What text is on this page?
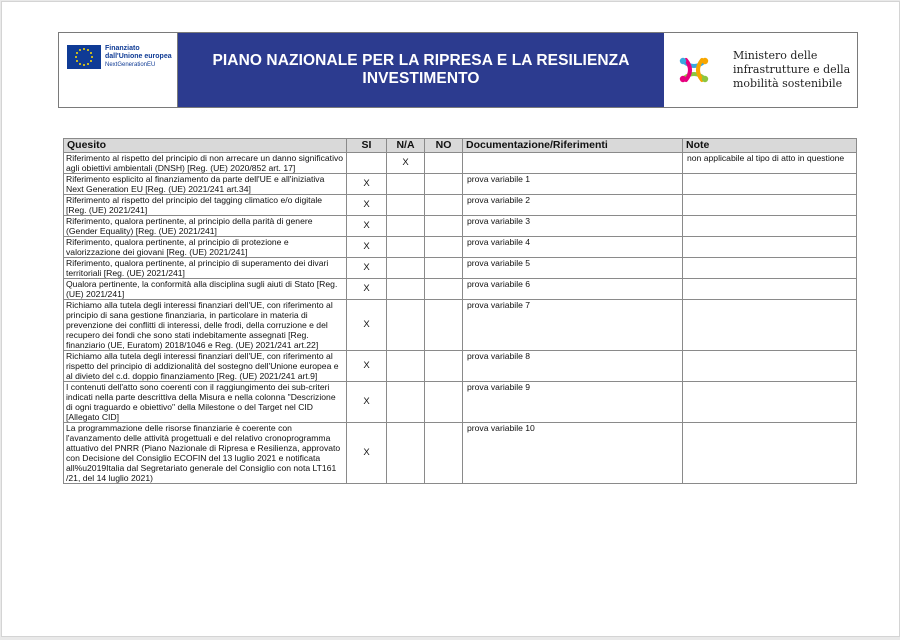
Finanziato
dall'Unione europea
NextGenerationEU	PIANO NAZIONALE PER LA RIPRESA E LA RESILIENZA
INVESTIMENTO
Ministero delle
infrastrutture e della
mobilità sostenibile
Quesito	SI	N/A	NO	Documentazione/Riferimenti	Note
Riferimento al rispetto del principio di non arrecare un danno significativo agli obiettivi ambientali (DNSH) [Reg. (UE) 2020/852 art. 17]		X			non applicabile al tipo di atto in questione
Riferimento esplicito al finanziamento da parte dell'UE e all'iniziativa Next Generation EU [Reg. (UE) 2021/241 art.34]	X			prova variabile 1	
Riferimento al rispetto del principio del tagging climatico e/o digitale [Reg. (UE) 2021/241]	X			prova variabile 2	
Riferimento, qualora pertinente, al principio della parità di genere (Gender Equality) [Reg. (UE) 2021/241]	X			prova variabile 3	
Riferimento, qualora pertinente, al principio di protezione e valorizzazione dei giovani [Reg. (UE) 2021/241]	X			prova variabile 4	
Riferimento, qualora pertinente, al principio di superamento dei divari territoriali [Reg. (UE) 2021/241]	X			prova variabile 5	
Qualora pertinente, la conformità alla disciplina sugli aiuti di Stato [Reg. (UE) 2021/241]	X			prova variabile 6	
Richiamo alla tutela degli interessi finanziari dell'UE, con riferimento al principio di sana gestione finanziaria, in particolare in materia di prevenzione dei conflitti di interessi, delle frodi, della corruzione e del recupero dei fondi che sono stati indebitamente assegnati [Reg. finanziario (UE, Euratom) 2018/1046 e Reg. (UE) 2021/241 art.22]	X			prova variabile 7	
Richiamo alla tutela degli interessi finanziari dell'UE, con riferimento al rispetto del principio di addizionalità del sostegno dell'Unione europea e al divieto del c.d. doppio finanziamento [Reg. (UE) 2021/241 art.9]	X			prova variabile 8	
I contenuti dell'atto sono coerenti con il raggiungimento dei sub-criteri indicati nella parte descrittiva della Misura e nella colonna "Descrizione di ogni traguardo e obiettivo" della Milestone o del Target nel CID [Allegato CID]	X			prova variabile 9	
La programmazione delle risorse finanziarie è coerente con l'avanzamento delle attività progettuali e del relativo cronoprogramma attuativo del PNRR (Piano Nazionale di Ripresa e Resilienza, approvato con Decisione del Consiglio ECOFIN del 13 luglio 2021 e notificata all%u2019Italia dal Segretariato generale del Consiglio con nota LT161 /21, del 14 luglio 2021)	X			prova variabile 10	
